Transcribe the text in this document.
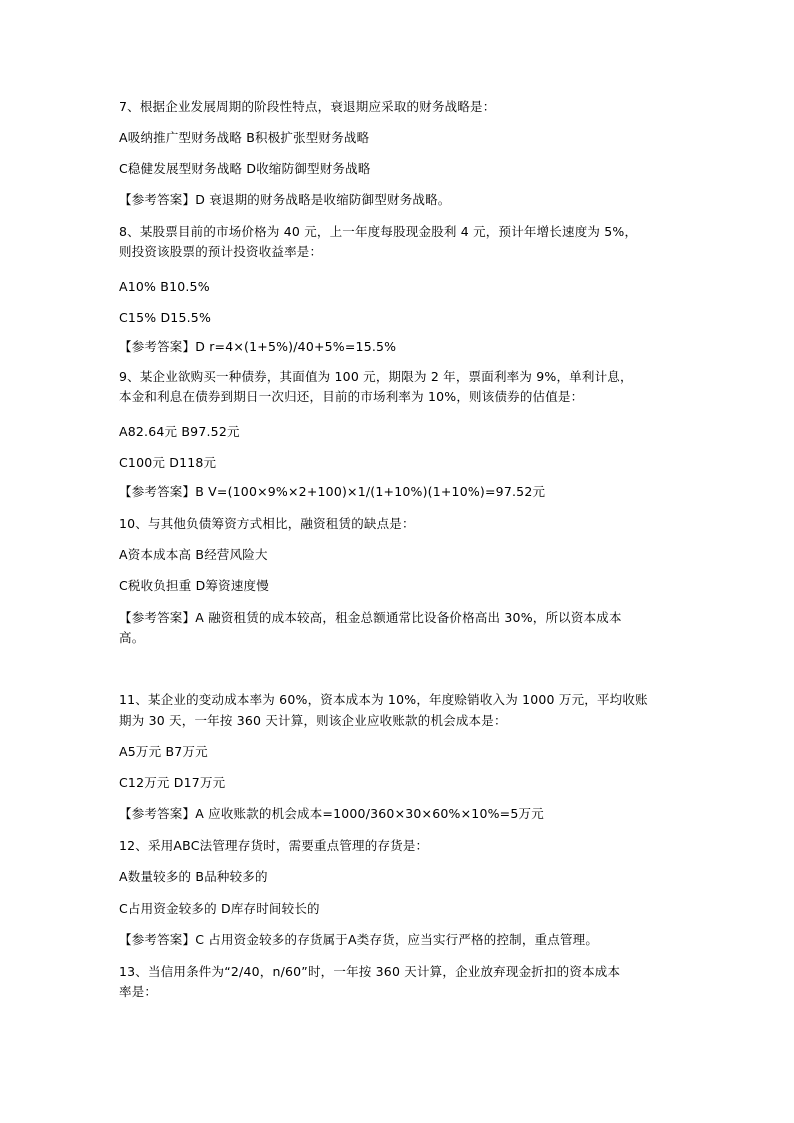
7、根据企业发展周期的阶段性特点，衰退期应采取的财务战略是：
A吸纳推广型财务战略 B积极扩张型财务战略
C稳健发展型财务战略 D收缩防御型财务战略
【参考答案】D 衰退期的财务战略是收缩防御型财务战略。
8、某股票目前的市场价格为 40 元，上一年度每股现金股利 4 元，预计年增长速度为 5%，
则投资该股票的预计投资收益率是：
A10% B10.5%
C15% D15.5%
【参考答案】D r=4×(1+5%)/40+5%=15.5%
9、某企业欲购买一种债券，其面值为 100 元，期限为 2 年，票面利率为 9%，单利计息，
本金和利息在债券到期日一次归还，目前的市场利率为 10%，则该债券的估值是：
A82.64元 B97.52元
C100元 D118元
【参考答案】B V=(100×9%×2+100)×1/(1+10%)(1+10%)=97.52元
10、与其他负债筹资方式相比，融资租赁的缺点是：
A资本成本高 B经营风险大
C税收负担重 D筹资速度慢
【参考答案】A 融资租赁的成本较高，租金总额通常比设备价格高出 30%，所以资本成本
高。
11、某企业的变动成本率为 60%，资本成本为 10%，年度赊销收入为 1000 万元，平均收账
期为 30 天，一年按 360 天计算，则该企业应收账款的机会成本是：
A5万元 B7万元
C12万元 D17万元
【参考答案】A 应收账款的机会成本=1000/360×30×60%×10%=5万元
12、采用ABC法管理存货时，需要重点管理的存货是：
A数量较多的 B品种较多的
C占用资金较多的 D库存时间较长的
【参考答案】C 占用资金较多的存货属于A类存货，应当实行严格的控制，重点管理。
13、当信用条件为“2/40，n/60”时，一年按 360 天计算，企业放弃现金折扣的资本成本
率是：
